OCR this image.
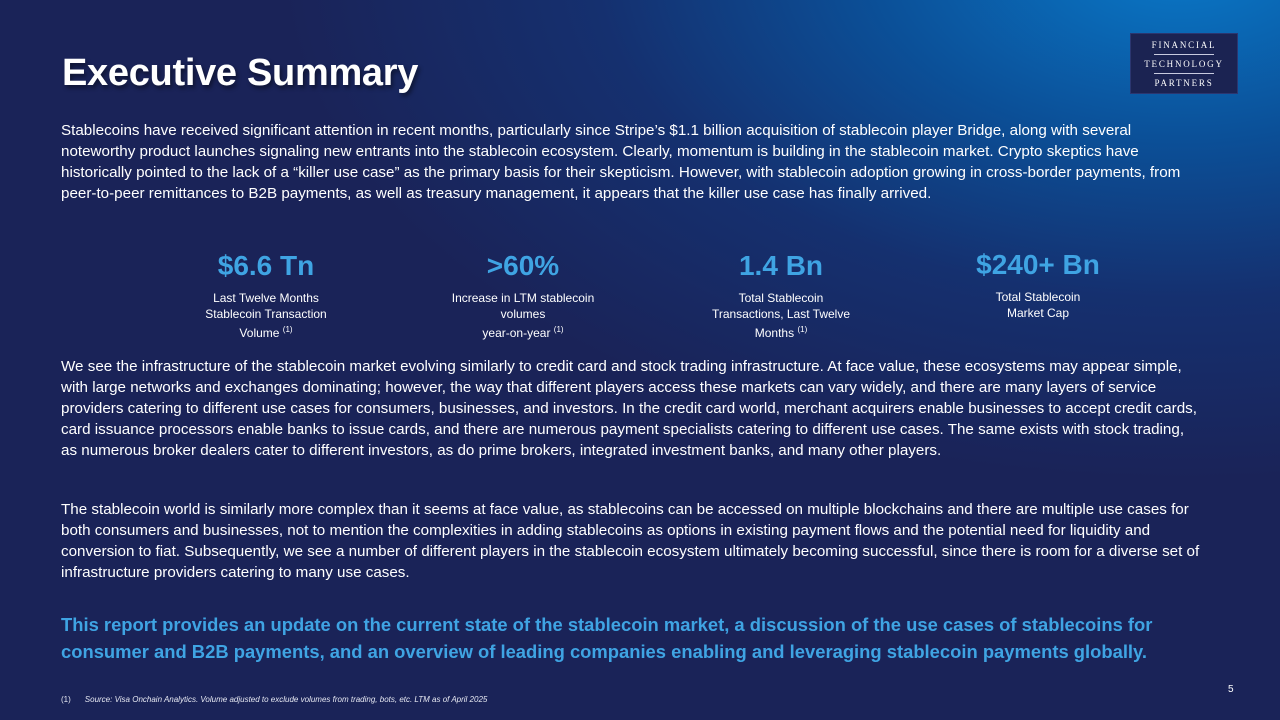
Executive Summary
FINANCIAL
TECHNOLOGY
PARTNERS

Stablecoins have received significant attention in recent months, particularly since Stripe’s $1.1 billion acquisition of stablecoin player Bridge, along with several noteworthy product launches signaling new entrants into the stablecoin ecosystem. Clearly, momentum is building in the stablecoin market. Crypto skeptics have historically pointed to the lack of a “killer use case” as the primary basis for their skepticism. However, with stablecoin adoption growing in cross-border payments, from peer-to-peer remittances to B2B payments, as well as treasury management, it appears that the killer use case has finally arrived.

$6.6 Tn
Last Twelve Months
Stablecoin Transaction
Volume $^{(1)}$
>60%
Increase in LTM stablecoin
volumes
year-on-year $^{(1)}$
1.4 Bn
Total Stablecoin
Transactions, Last Twelve
Months $^{(1)}$
$240+ Bn
Total Stablecoin
Market Cap

We see the infrastructure of the stablecoin market evolving similarly to credit card and stock trading infrastructure. At face value, these ecosystems may appear simple, with large networks and exchanges dominating; however, the way that different players access these markets can vary widely, and there are many layers of service providers catering to different use cases for consumers, businesses, and investors. In the credit card world, merchant acquirers enable businesses to accept credit cards, card issuance processors enable banks to issue cards, and there are numerous payment specialists catering to different use cases. The same exists with stock trading, as numerous broker dealers cater to different investors, as do prime brokers, integrated investment banks, and many other players.

The stablecoin world is similarly more complex than it seems at face value, as stablecoins can be accessed on multiple blockchains and there are multiple use cases for both consumers and businesses, not to mention the complexities in adding stablecoins as options in existing payment flows and the potential need for liquidity and conversion to fiat. Subsequently, we see a number of different players in the stablecoin ecosystem ultimately becoming successful, since there is room for a diverse set of infrastructure providers catering to many use cases.

This report provides an update on the current state of the stablecoin market, a discussion of the use cases of stablecoins for consumer and B2B payments, and an overview of leading companies enabling and leveraging stablecoin payments globally.

(1) Source: Visa Onchain Analytics. Volume adjusted to exclude volumes from trading, bots, etc. LTM as of April 2025
5
